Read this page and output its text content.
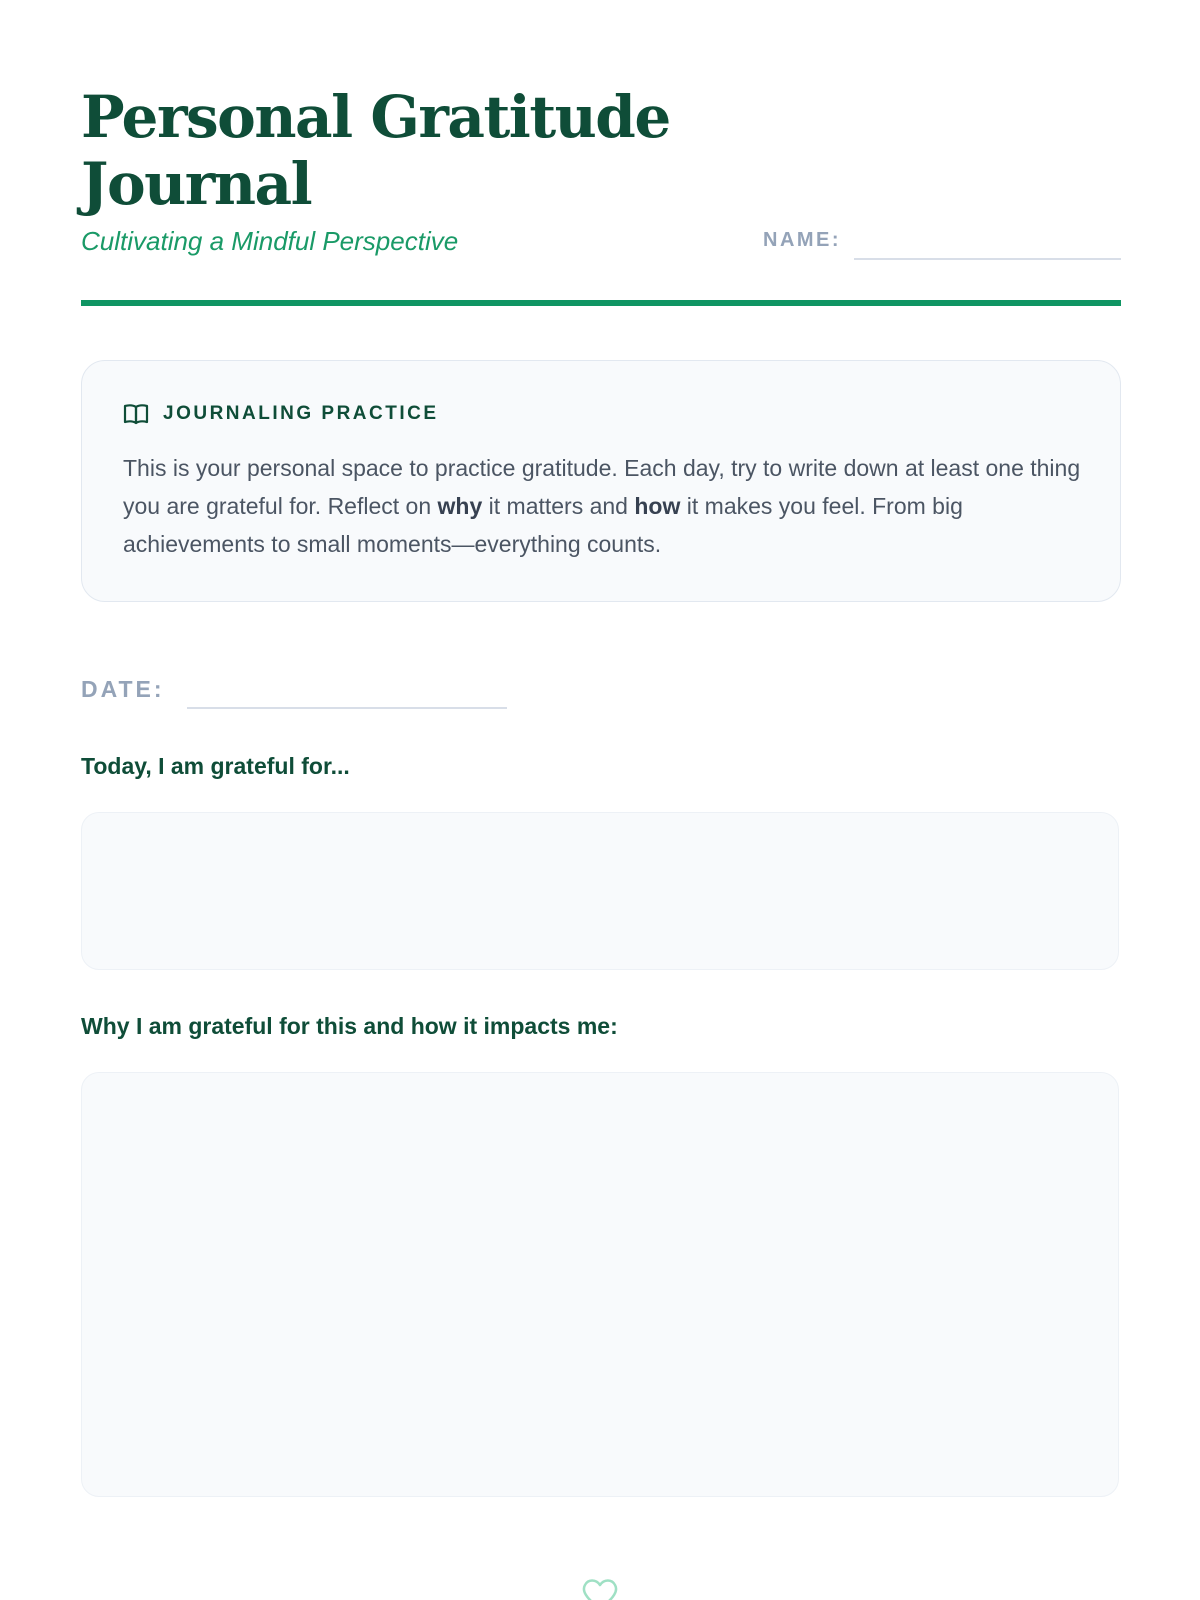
Personal Gratitude Journal

Cultivating a Mindful Perspective	NAME:
JOURNALING PRACTICE

This is your personal space to practice gratitude. Each day, try to write down at least one thing you are grateful for. Reflect on why it matters and how it makes you feel. From big achievements to small moments—everything counts.

DATE:

Today, I am grateful for...

Why I am grateful for this and how it impacts me:
